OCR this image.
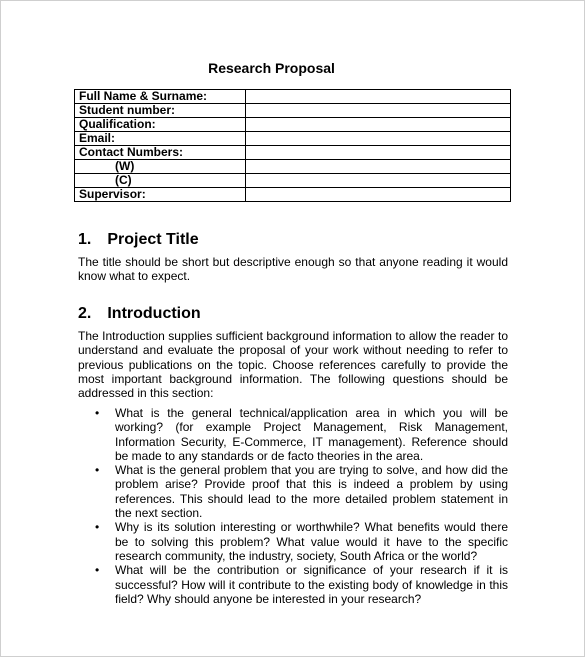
Research Proposal
Full Name & Surname:	
Student number:	
Qualification:	
Email:	
Contact Numbers:	
(W)	
(C)	
Supervisor:	
1. Project Title

The title should be short but descriptive enough so that anyone reading it would know what to expect.

2. Introduction

The Introduction supplies sufficient background information to allow the reader to understand and evaluate the proposal of your work without needing to refer to previous publications on the topic. Choose references carefully to provide the most important background information. The following questions should be addressed in this section:

• What is the general technical/application area in which you will be working? (for example Project Management, Risk Management, Information Security, E-Commerce, IT management). Reference should be made to any standards or de facto theories in the area.
• What is the general problem that you are trying to solve, and how did the problem arise? Provide proof that this is indeed a problem by using references. This should lead to the more detailed problem statement in the next section.
• Why is its solution interesting or worthwhile? What benefits would there be to solving this problem? What value would it have to the specific research community, the industry, society, South Africa or the world?
• What will be the contribution or significance of your research if it is successful? How will it contribute to the existing body of knowledge in this field? Why should anyone be interested in your research?
